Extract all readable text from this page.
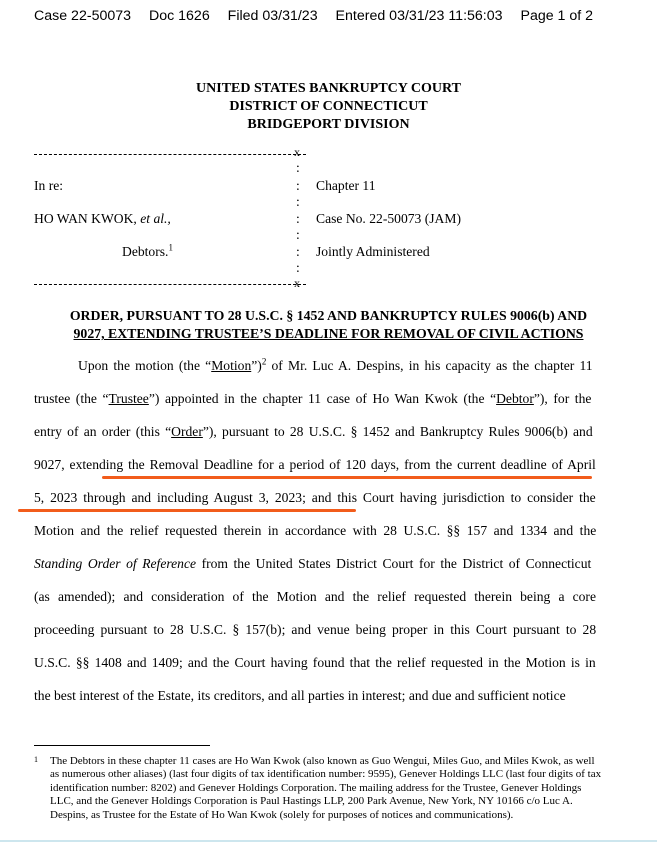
Case 22-50073 Doc 1626 Filed 03/31/23 Entered 03/31/23 11:56:03 Page 1 of 2
UNITED STATES BANKRUPTCY COURT
DISTRICT OF CONNECTICUT
BRIDGEPORT DIVISION
x
:
:
:
:
:
:
:
In re:
HO WAN KWOK, et al.,
Debtors.$^1$
Chapter 11
Case No. 22-50073 (JAM)
Jointly Administered
x
ORDER, PURSUANT TO 28 U.S.C. § 1452 AND BANKRUPTCY RULES 9006(b) AND
9027, EXTENDING TRUSTEE’S DEADLINE FOR REMOVAL OF CIVIL ACTIONS
Upon the motion (the “Motion”)$^2$ of Mr. Luc A. Despins, in his capacity as the chapter 11
trustee (the “Trustee”) appointed in the chapter 11 case of Ho Wan Kwok (the “Debtor”), for the
entry of an order (this “Order”), pursuant to 28 U.S.C. § 1452 and Bankruptcy Rules 9006(b) and
9027, extending the Removal Deadline for a period of 120 days, from the current deadline of April
5, 2023 through and including August 3, 2023; and this Court having jurisdiction to consider the
Motion and the relief requested therein in accordance with 28 U.S.C. §§ 157 and 1334 and the
Standing Order of Reference from the United States District Court for the District of Connecticut
(as amended); and consideration of the Motion and the relief requested therein being a core
proceeding pursuant to 28 U.S.C. § 157(b); and venue being proper in this Court pursuant to 28
U.S.C. §§ 1408 and 1409; and the Court having found that the relief requested in the Motion is in
the best interest of the Estate, its creditors, and all parties in interest; and due and sufficient notice
1 The Debtors in these chapter 11 cases are Ho Wan Kwok (also known as Guo Wengui, Miles Guo, and Miles Kwok, as well as numerous other aliases) (last four digits of tax identification number: 9595), Genever Holdings LLC (last four digits of tax identification number: 8202) and Genever Holdings Corporation. The mailing address for the Trustee, Genever Holdings LLC, and the Genever Holdings Corporation is Paul Hastings LLP, 200 Park Avenue, New York, NY 10166 c/o Luc A. Despins, as Trustee for the Estate of Ho Wan Kwok (solely for purposes of notices and communications).
